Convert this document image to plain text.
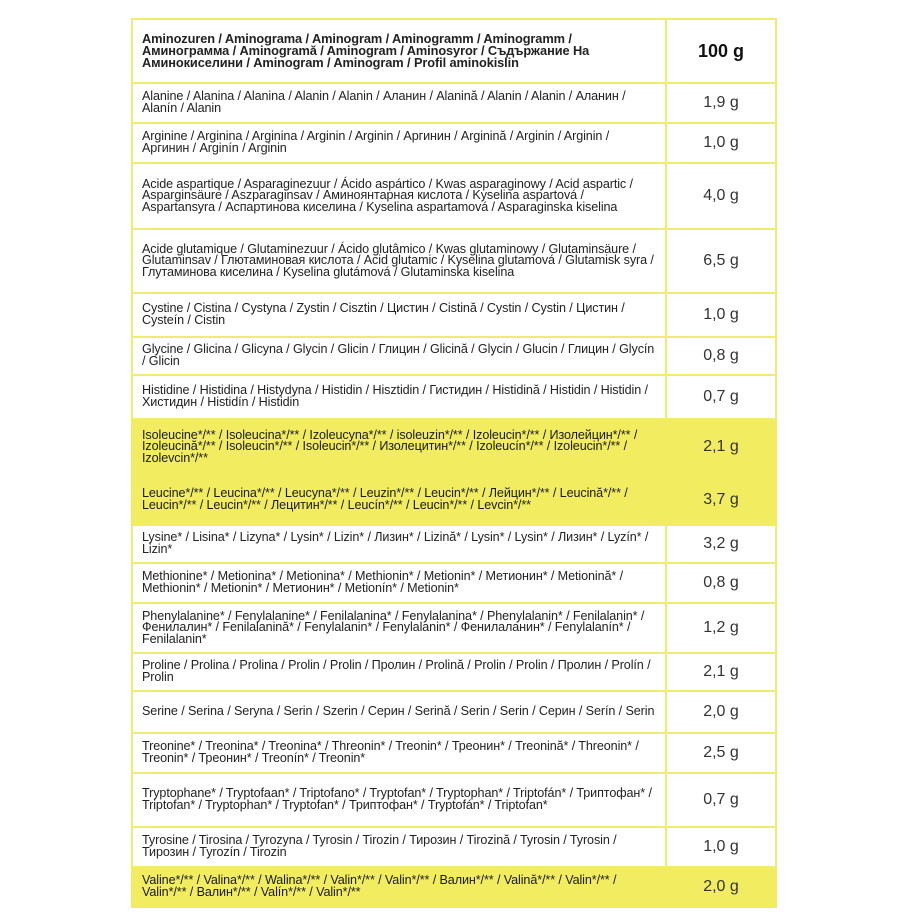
Aminozuren / Aminograma / Aminogram / Aminogramm / Aminogramm / Аминограмма / Aminogramă / Aminogram / Aminosyror / Съдържание На Аминокиселини / Aminogram / Aminogram / Profil aminokislin	100 g
Alanine / Alanina / Alanina / Alanin / Alanin / Аланин / Alanină / Alanin / Alanin / Аланин / Alanín / Alanin	1,9 g
Arginine / Arginina / Arginina / Arginin / Arginin / Аргинин / Arginină / Arginin / Arginin / Аргинин / Arginín / Arginin	1,0 g
Acide aspartique / Asparaginezuur / Ácido aspártico / Kwas asparaginowy / Acid aspartic / Asparginsäure / Aszparaginsav / Аминоянтарная кислота / Kyselina aspartová / Aspartansyra / Аспартинова киселина / Kyselina aspartamová / Asparaginska kiselina	4,0 g
Acide glutamique / Glutaminezuur / Ácido glutâmico / Kwas glutaminowy / Glutaminsäure / Glutaminsav / Глютаминовая кислота / Acid glutamic / Kyselina glutamová / Glutamisk syra / Глутаминова киселина / Kyselina glutámová / Glutaminska kiselina	6,5 g
Cystine / Cistina / Cystyna / Zystin / Cisztin / Цистин / Cistină / Cystin / Cystin / Цистин / Cysteín / Cistin	1,0 g
Glycine / Glicina / Glicyna / Glycin / Glicin / Глицин / Glicină / Glycin / Glucin / Глицин / Glycín / Glicin	0,8 g
Histidine / Histidina / Histydyna / Histidin / Hisztidin / Гистидин / Histidină / Histidin / Histidin / Хистидин / Histidín / Histidin	0,7 g
Isoleucine*/** / Isoleucina*/** / Izoleucyna*/** / isoleuzin*/** / Izoleucin*/** / Изолейцин*/** / Izoleucină*/** / Isoleucin*/** / Isoleucin*/** / Изолецитин*/** / Izoleucín*/** / Izoleucin*/** / Izolevcin*/**	2,1 g
Leucine*/** / Leucina*/** / Leucyna*/** / Leuzin*/** / Leucin*/** / Лейцин*/** / Leucină*/** / Leucin*/** / Leucin*/** / Лецитин*/** / Leucín*/** / Leucin*/** / Levcin*/**	3,7 g
Lysine* / Lisina* / Lizyna* / Lysin* / Lizin* / Лизин* / Lizină* / Lysin* / Lysin* / Лизин* / Lyzín* / Lizin*	3,2 g
Methionine* / Metionina* / Metionina* / Methionin* / Metionin* / Метионин* / Metionină* / Methionin* / Metionin* / Метионин* / Metionín* / Metionin*	0,8 g
Phenylalanine* / Fenylalanine* / Fenilalanina* / Fenylalanina* / Phenylalanin* / Fenilalanin* / Фенилалин* / Fenilalanină* / Fenylalanin* / Fenylalanin* / Фенилаланин* / Fenylalanín* / Fenilalanin*	1,2 g
Proline / Prolina / Prolina / Prolin / Prolin / Пролин / Prolină / Prolin / Prolin / Пролин / Prolín / Prolin	2,1 g
Serine / Serina / Seryna / Serin / Szerin / Серин / Serină / Serin / Serin / Серин / Serín / Serin	2,0 g
Treonine* / Treonina* / Treonina* / Threonin* / Treonin* / Треонин* / Treonină* / Threonin* / Treonin* / Треонин* / Treonín* / Treonin*	2,5 g
Tryptophane* / Tryptofaan* / Triptofano* / Tryptofan* / Tryptophan* / Triptofán* / Триптофан* / Triptofan* / Tryptophan* / Tryptofan* / Триптофан* / Tryptofán* / Triptofan*	0,7 g
Tyrosine / Tirosina / Tyrozyna / Tyrosin / Tirozin / Тирозин / Tirozină / Tyrosin / Tyrosin / Тирозин / Tyrozín / Tirozin	1,0 g
Valine*/** / Valina*/** / Walina*/** / Valin*/** / Valin*/** / Валин*/** / Valină*/** / Valin*/** / Valin*/** / Валин*/** / Valín*/** / Valin*/**	2,0 g
